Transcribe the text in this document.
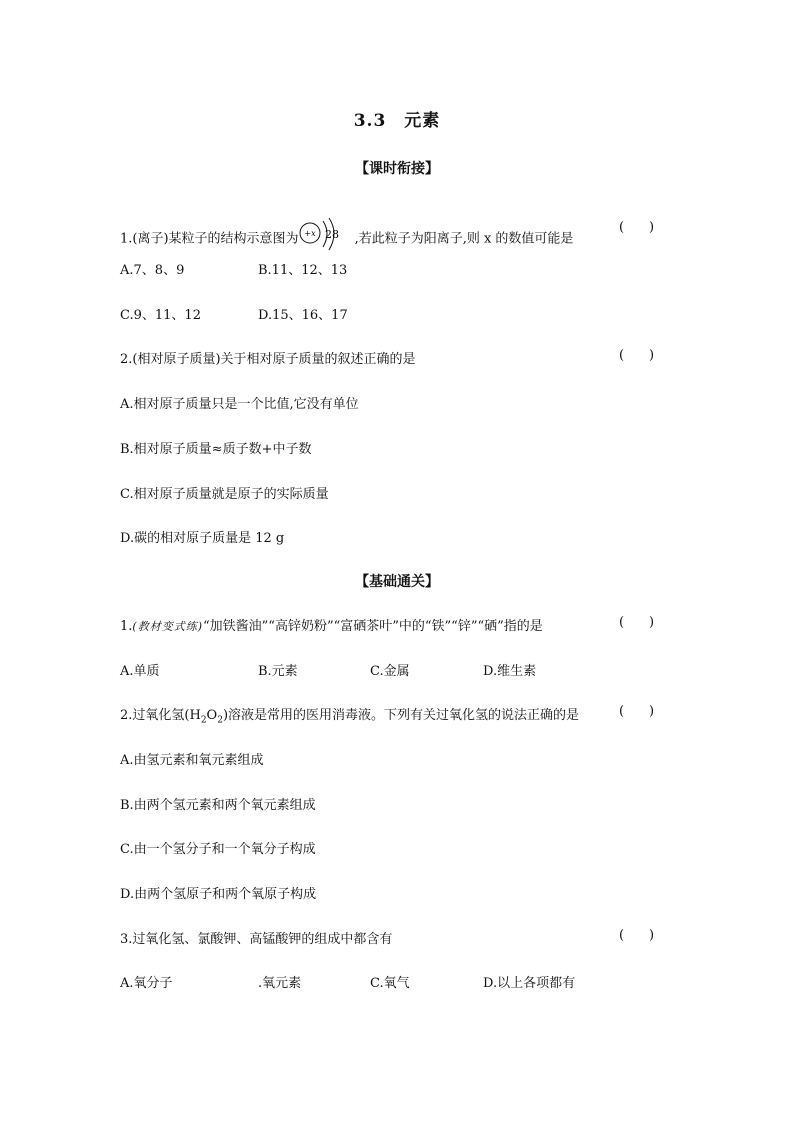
3.3 元素
【课时衔接】
1.(离子)某粒子的结构示意图为 +x 28 ,若此粒子为阳离子,则 x 的数值可能是
( )
A.7、8、9	B.11、12、13
C.9、11、12	D.15、16、17
2.(相对原子质量)关于相对原子质量的叙述正确的是	( )
A.相对原子质量只是一个比值,它没有单位
B.相对原子质量≈质子数+中子数
C.相对原子质量就是原子的实际质量
D.碳的相对原子质量是 12 g
【基础通关】
1.(教材变式练)“加铁酱油”“高锌奶粉”“富硒茶叶”中的“铁”“锌”“硒”指的是	( )
A.单质	B.元素	C.金属	D.维生素
2.过氧化氢$(H_2O_2)$溶液是常用的医用消毒液。下列有关过氧化氢的说法正确的是	( )
A.由氢元素和氧元素组成
B.由两个氢元素和两个氧元素组成
C.由一个氢分子和一个氧分子构成
D.由两个氢原子和两个氧原子构成
3.过氧化氢、氯酸钾、高锰酸钾的组成中都含有	( )
A.氧分子	.氧元素	C.氧气	D.以上各项都有
